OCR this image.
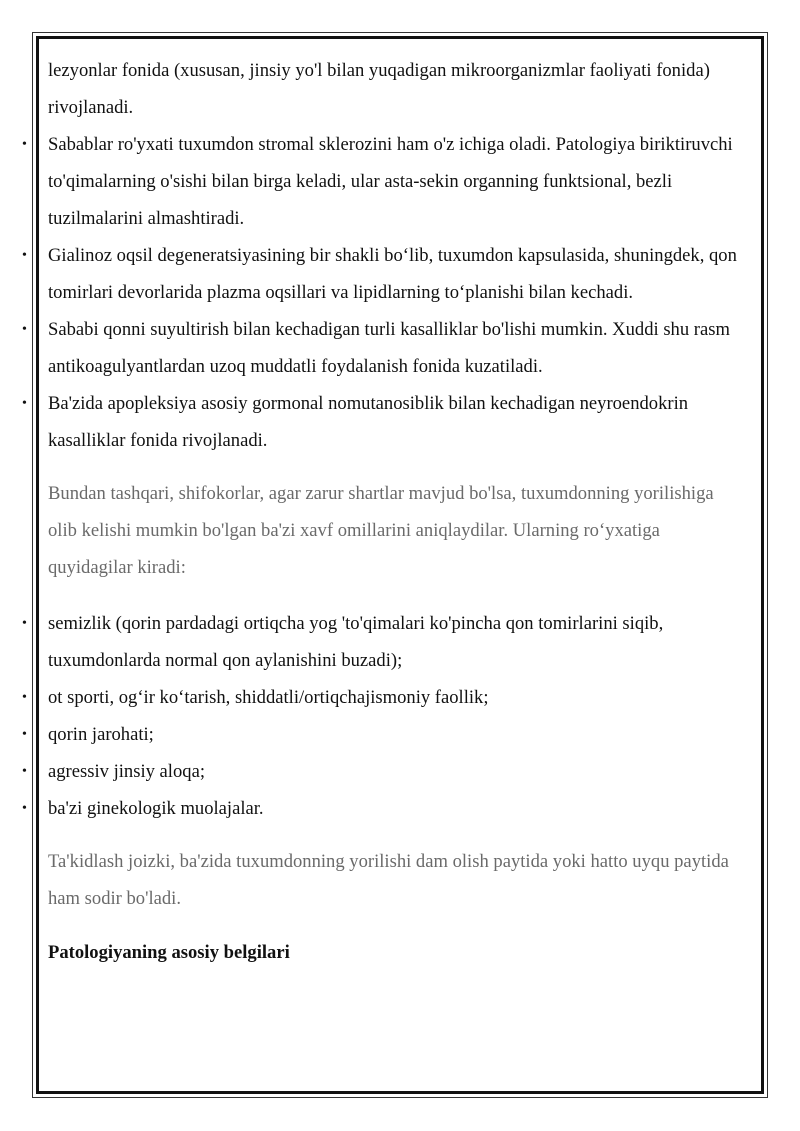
lezyonlar fonida (xususan, jinsiy yo'l bilan yuqadigan mikroorganizmlar faoliyati fonida) rivojlanadi.

• Sabablar ro'yxati tuxumdon stromal sklerozini ham o'z ichiga oladi. Patologiya biriktiruvchi to'qimalarning o'sishi bilan birga keladi, ular asta-sekin organning funktsional, bezli tuzilmalarini almashtiradi.
• Gialinoz oqsil degeneratsiyasining bir shakli bo‘lib, tuxumdon kapsulasida, shuningdek, qon tomirlari devorlarida plazma oqsillari va lipidlarning to‘planishi bilan kechadi.
• Sababi qonni suyultirish bilan kechadigan turli kasalliklar bo'lishi mumkin. Xuddi shu rasm antikoagulyantlardan uzoq muddatli foydalanish fonida kuzatiladi.
• Ba'zida apopleksiya asosiy gormonal nomutanosiblik bilan kechadigan neyroendokrin kasalliklar fonida rivojlanadi.

Bundan tashqari, shifokorlar, agar zarur shartlar mavjud bo'lsa, tuxumdonning yorilishiga olib kelishi mumkin bo'lgan ba'zi xavf omillarini aniqlaydilar. Ularning ro‘yxatiga quyidagilar kiradi:

• semizlik (qorin pardadagi ortiqcha yog 'to'qimalari ko'pincha qon tomirlarini siqib, tuxumdonlarda normal qon aylanishini buzadi);
• ot sporti, og‘ir ko‘tarish, shiddatli/ortiqchajismoniy faollik;
• qorin jarohati;
• agressiv jinsiy aloqa;
• ba'zi ginekologik muolajalar.

Ta'kidlash joizki, ba'zida tuxumdonning yorilishi dam olish paytida yoki hatto uyqu paytida ham sodir bo'ladi.

Patologiyaning asosiy belgilari
